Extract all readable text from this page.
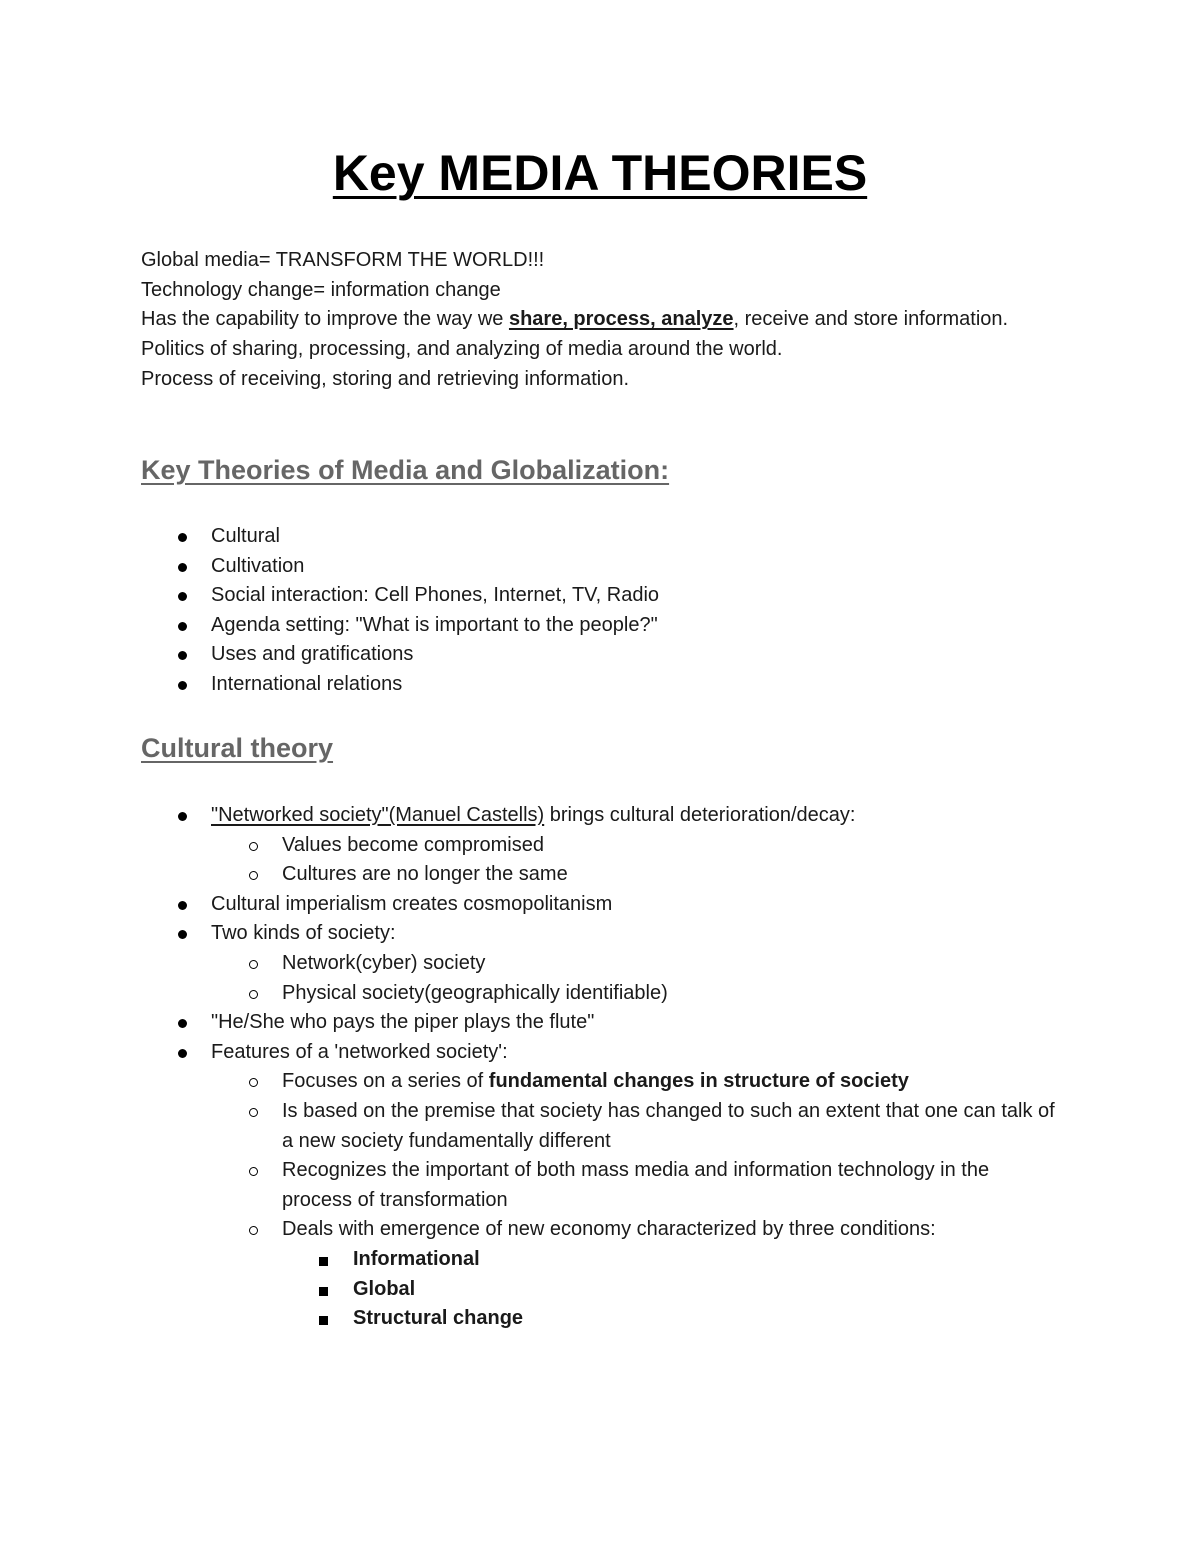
Key MEDIA THEORIES

Global media= TRANSFORM THE WORLD!!!

Technology change= information change

Has the capability to improve the way we share, process, analyze, receive and store information.

Politics of sharing, processing, and analyzing of media around the world.

Process of receiving, storing and retrieving information.

Key Theories of Media and Globalization:
Cultural
Cultivation
Social interaction: Cell Phones, Internet, TV, Radio
Agenda setting: "What is important to the people?"
Uses and gratifications
International relations
Cultural theory
"Networked society"(Manuel Castells) brings cultural deterioration/decay:
Values become compromised
Cultures are no longer the same
Cultural imperialism creates cosmopolitanism
Two kinds of society:
Network(cyber) society
Physical society(geographically identifiable)
"He/She who pays the piper plays the flute"
Features of a 'networked society':
Focuses on a series of fundamental changes in structure of society
Is based on the premise that society has changed to such an extent that one can talk of a new society fundamentally different
Recognizes the important of both mass media and information technology in the process of transformation
Deals with emergence of new economy characterized by three conditions:
Informational
Global
Structural change
